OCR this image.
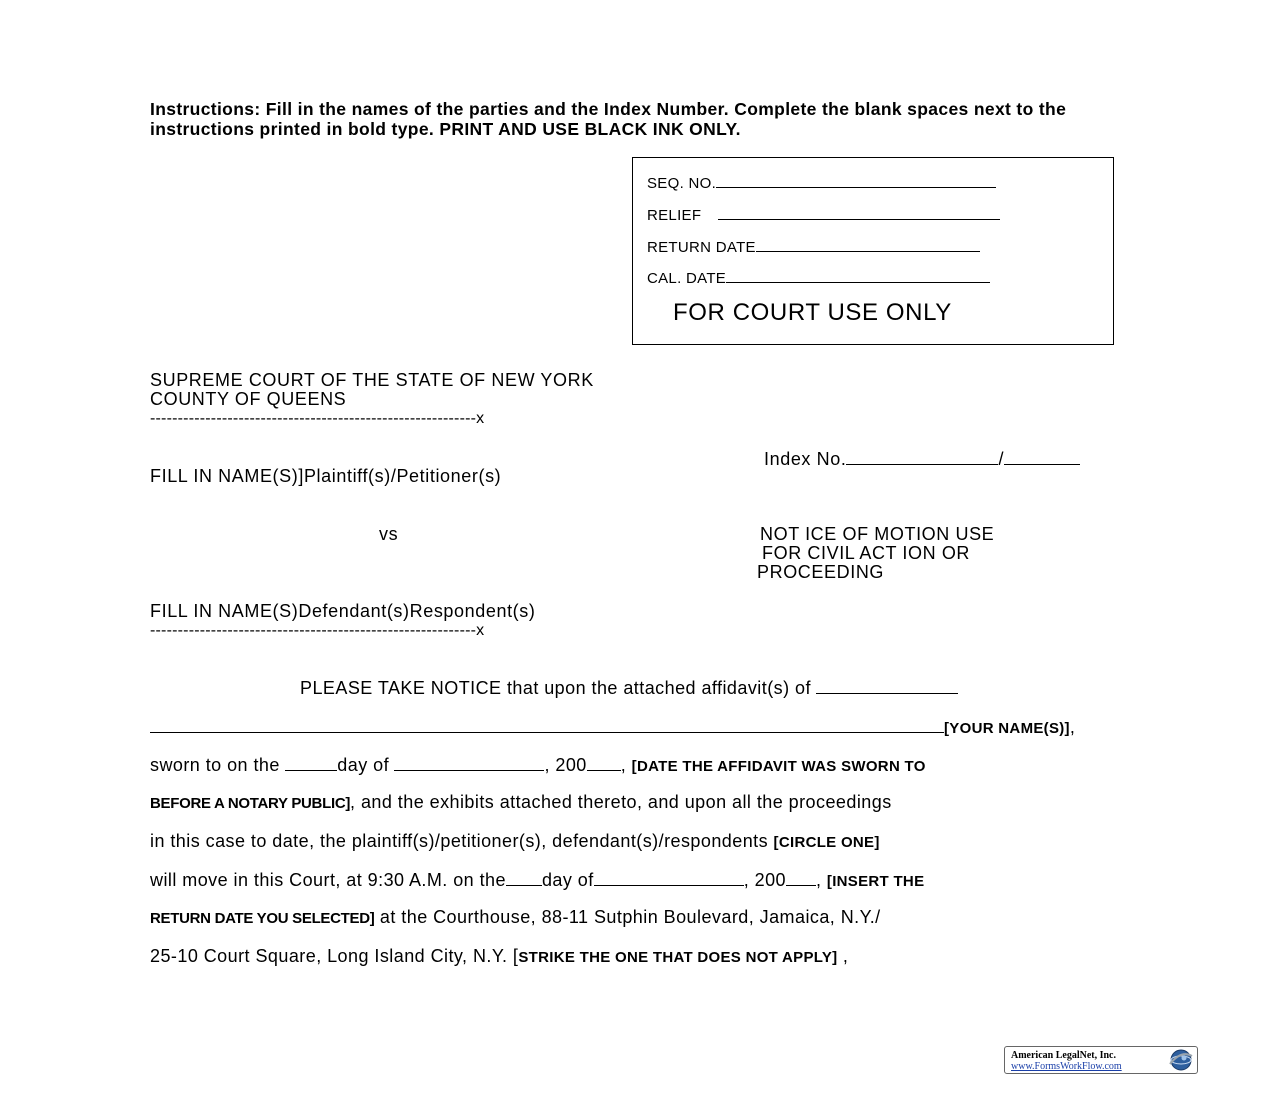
Instructions: Fill in the names of the parties and the Index Number. Complete the blank spaces next to the instructions printed in bold type. PRINT AND USE BLACK INK ONLY.
SEQ. NO.
RELIEF
RETURN DATE
CAL. DATE
FOR COURT USE ONLY
SUPREME COURT OF THE STATE OF NEW YORK
COUNTY OF QUEENS
-----------------------------------------------------------x
Index No.	/
FILL IN NAME(S)]Plaintiff(s)/Petitioner(s)
vs	NOT ICE OF MOTION USE
FOR CIVIL ACT ION OR
PROCEEDING
FILL IN NAME(S)Defendant(s)Respondent(s)
-----------------------------------------------------------x
PLEASE TAKE NOTICE that upon the attached affidavit(s) of
[YOUR NAME(S)],
sworn to on the	day of	, 200 , [DATE THE AFFIDAVIT WAS SWORN TO
BEFORE A NOTARY PUBLIC], and the exhibits attached thereto, and upon all the proceedings
in this case to date, the plaintiff(s)/petitioner(s), defendant(s)/respondents [CIRCLE ONE]
will move in this Court, at 9:30 A.M. on the day of	, 200 , [INSERT THE
RETURN DATE YOU SELECTED] at the Courthouse, 88-11 Sutphin Boulevard, Jamaica, N.Y./
25-10 Court Square, Long Island City, N.Y. [STRIKE THE ONE THAT DOES NOT APPLY] ,
American LegalNet, Inc.
www.FormsWorkFlow.com
